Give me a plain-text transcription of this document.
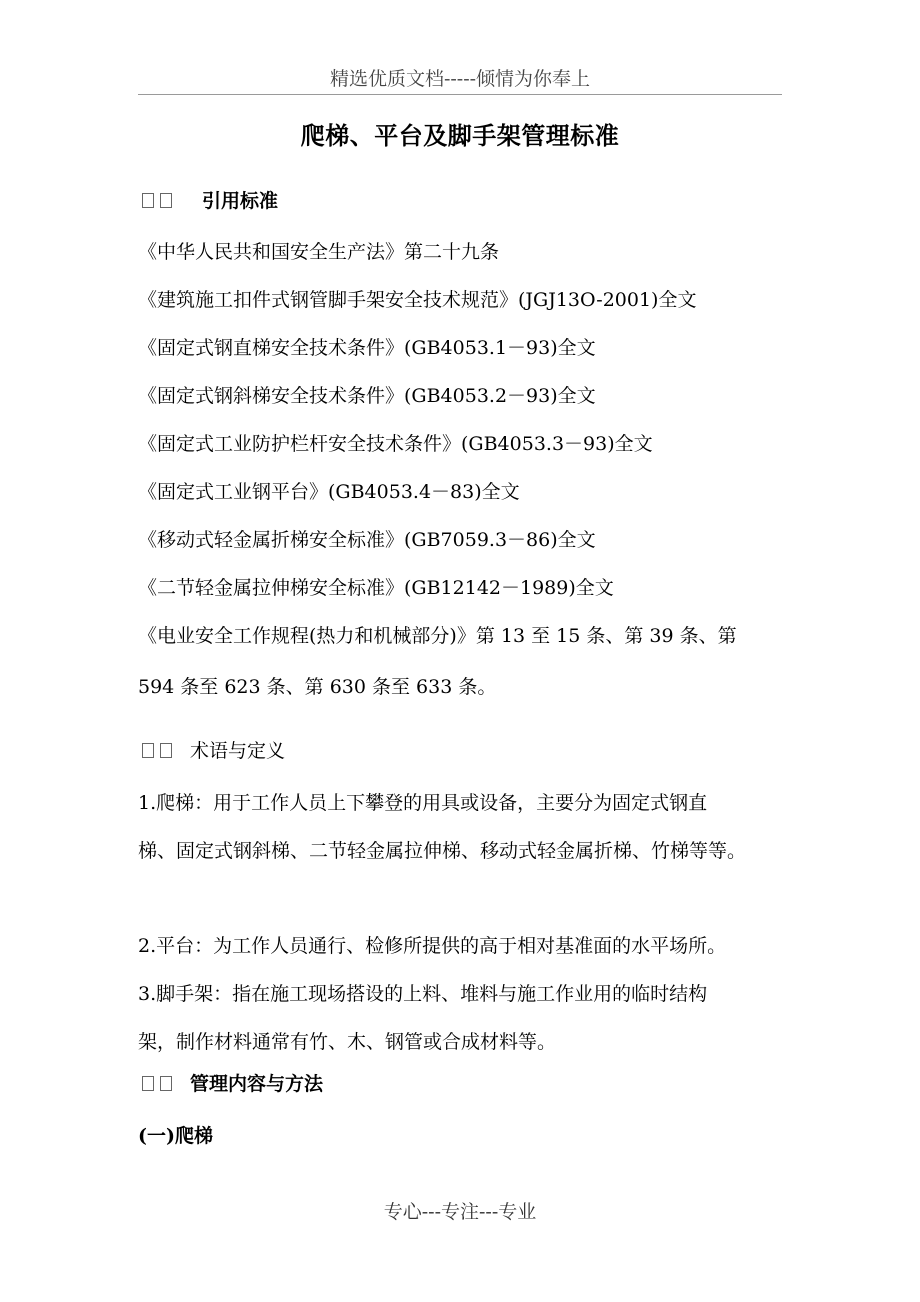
精选优质文档-----倾情为你奉上
爬梯、平台及脚手架管理标准
引用标准
《中华人民共和国安全生产法》第二十九条
《建筑施工扣件式钢管脚手架安全技术规范》(JGJ13O-2001)全文
《固定式钢直梯安全技术条件》(GB4053.1－93)全文
《固定式钢斜梯安全技术条件》(GB4053.2－93)全文
《固定式工业防护栏杆安全技术条件》(GB4053.3－93)全文
《固定式工业钢平台》(GB4053.4－83)全文
《移动式轻金属折梯安全标准》(GB7059.3－86)全文
《二节轻金属拉伸梯安全标准》(GB12142－1989)全文
《电业安全工作规程(热力和机械部分)》第 13 至 15 条、第 39 条、第
594 条至 623 条、第 630 条至 633 条。
术语与定义
1.爬梯：用于工作人员上下攀登的用具或设备，主要分为固定式钢直
梯、固定式钢斜梯、二节轻金属拉伸梯、移动式轻金属折梯、竹梯等等。
2.平台：为工作人员通行、检修所提供的高于相对基准面的水平场所。
3.脚手架：指在施工现场搭设的上料、堆料与施工作业用的临时结构
架，制作材料通常有竹、木、钢管或合成材料等。
管理内容与方法
(一)爬梯
专心---专注---专业
